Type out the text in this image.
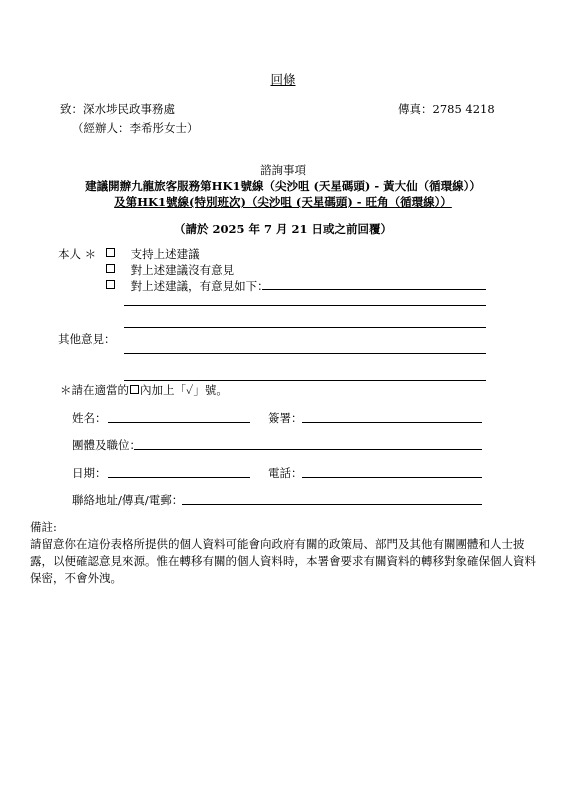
回條
致：深水埗民政事務處	傳真：2785 4218
（經辦人：李希彤女士）
諮詢事項
建議開辦九龍旅客服務第HK1號線（尖沙咀 (天星碼頭) - 黃大仙（循環線））
及第HK1號線(特別班次)（尖沙咀 (天星碼頭) - 旺角（循環線））
（請於 2025 年 7 月 21 日或之前回覆）
本人 ＊	支持上述建議
對上述建議沒有意見
對上述建議，有意見如下：
其他意見：
＊請在適當的 內加上「✓」號。
姓名：	簽署：
團體及職位：
日期：	電話：
聯絡地址/傳真/電郵：
備註:

請留意你在這份表格所提供的個人資料可能會向政府有關的政策局、部門及其他有關團體和人士披露，以便確認意見來源。惟在轉移有關的個人資料時，本署會要求有關資料的轉移對象確保個人資料保密，不會外洩。
